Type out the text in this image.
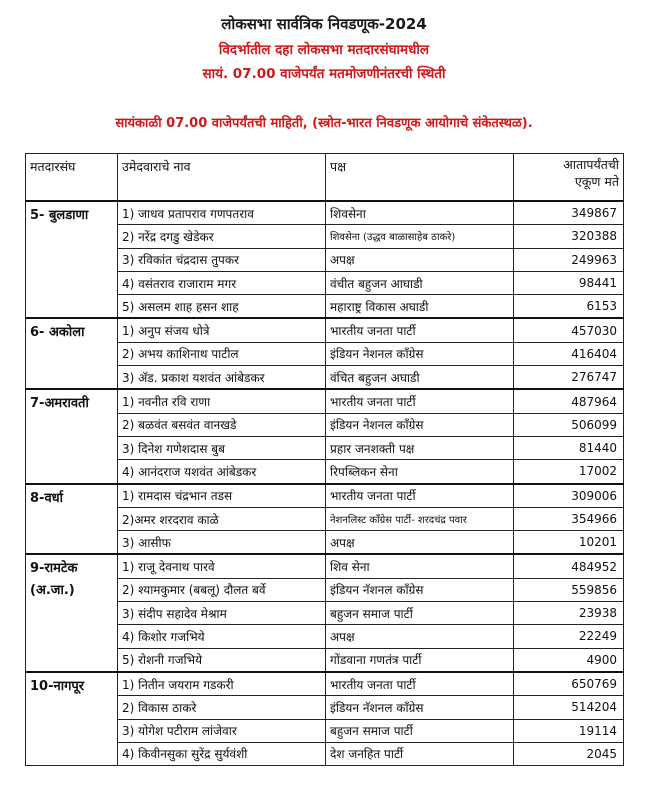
लोकसभा सार्वत्रिक निवडणूक-2024
विदर्भातील दहा लोकसभा मतदारसंघामधील
सायं. 07.00 वाजेपर्यंत मतमोजणीनंतरची स्थिती
सायंकाळी 07.00 वाजेपर्यंतची माहिती, (स्त्रोत-भारत निवडणूक आयोगाचे संकेतस्थळ).
मतदारसंघ	उमेदवाराचे नाव	पक्ष	आतापर्यंतची
एकूण मते

5- बुलडाणा	1) जाधव प्रतापराव गणपतराव	शिवसेना	349867
	2) नरेंद्र दगडु खेडेकर	शिवसेना (उद्धव बाळासाहेब ठाकरे)	320388
	3) रविकांत चंद्रदास तुपकर	अपक्ष	249963
	4) वसंतराव राजाराम मगर	वंचीत बहुजन आघाडी	98441
	5) असलम शाह हसन शाह	महाराष्ट्र विकास अघाडी	6153
6- अकोला	1) अनुप संजय धोत्रे	भारतीय जनता पार्टी	457030
	2) अभय काशिनाथ पाटील	इंडियन नेशनल कॉंग्रेस	416404
	3) ॲड. प्रकाश यशवंत आंबेडकर	वंचित बहुजन अघाडी	276747
7-अमरावती	1) नवनीत रवि राणा	भारतीय जनता पार्टी	487964
	2) बळवंत बसवंत वानखडे	इंडियन नेशनल कॉंग्रेस	506099
	3) दिनेश गणेशदास बुब	प्रहार जनशक्ती पक्ष	81440
	4) आनंदराज यशवंत आंबेडकर	रिपब्लिकन सेना	17002
8-वर्धा	1) रामदास चंद्रभान तडस	भारतीय जनता पार्टी	309006
	2)अमर शरदराव काळे	नेशनलिस्ट कॉंग्रेस पार्टी- शरदचंद्र पवार	354966
	3) आसीफ	अपक्ष	10201
9-रामटेक (अ.जा.)	1) राजू देवनाथ पारवे	शिव सेना	484952
	2) श्यामकुमार (बबलू) दौलत बर्वे	इंडियन नॅशनल कॉंग्रेस	559856
	3) संदीप सहादेव मेश्राम	बहुजन समाज पार्टी	23938
	4) किशोर गजभिये	अपक्ष	22249
	5) रोशनी गजभिये	गोंडवाना गणतंत्र पार्टी	4900
10-नागपूर	1) नितीन जयराम गडकरी	भारतीय जनता पार्टी	650769
	2) विकास ठाकरे	इंडियन नॅशनल कॉंग्रेस	514204
	3) योगेश पटीराम लांजेवार	बहुजन समाज पार्टी	19114
	4) किवीनसुका सुरेंद्र सुर्यवंशी	देश जनहित पार्टी	2045
